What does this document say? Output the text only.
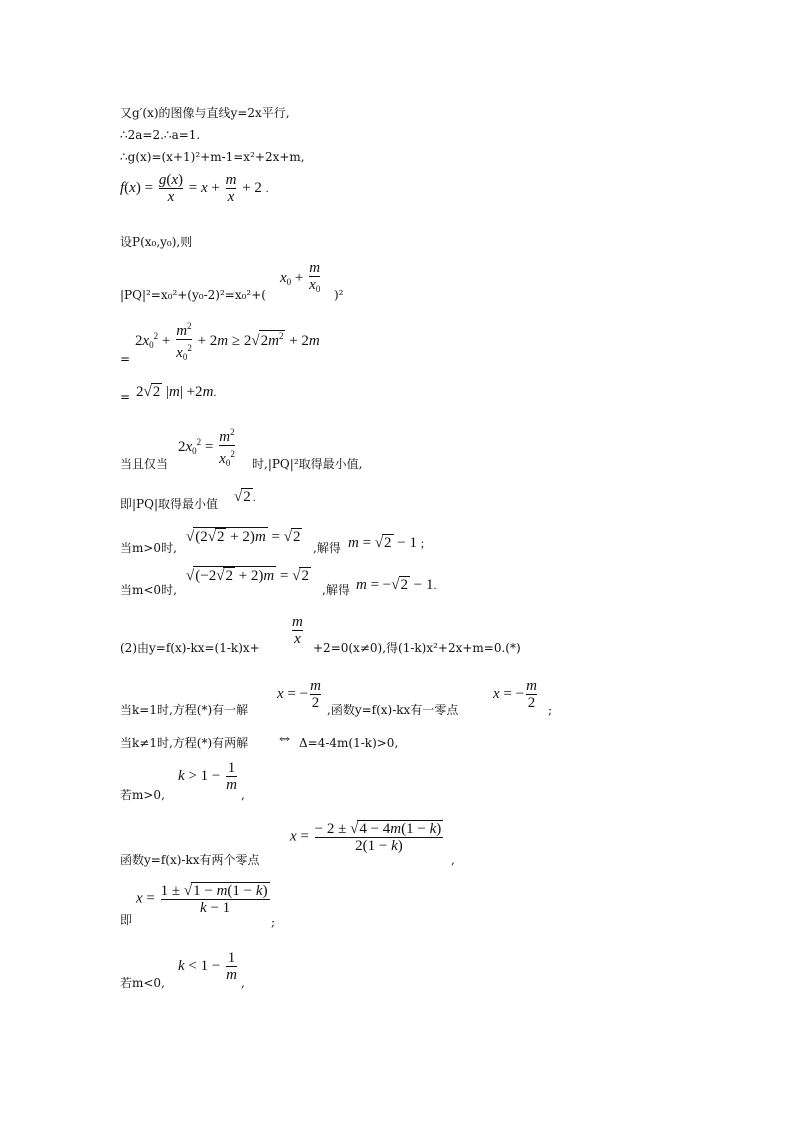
又g′(x)的图像与直线y=2x平行,
∴2a=2.∴a=1.
∴g(x)=(x+1)²+m-1=x²+2x+m,
$f(x) = \frac{g(x)}{x} = x + \frac{m}{x} + 2$ .
设P(x₀,y₀),则
$x_0 + \frac{m}{x_0}$
|PQ|²=x₀²+(y₀-2)²=x₀²+(	)²
$2x_0^2 + \frac{m^2}{x_0^2} + 2m \ge 2√2m^2 + 2m$
=
= 2√2 |m| +2m.
$2x_0^2 = \frac{m^2}{x_0^2}$
当且仅当	时,|PQ|²取得最小值,
即|PQ|取得最小值 √2 .
当m>0时,
√(2√2 + 2)m = √2
,解得 m = √2 − 1 ;
当m<0时,
√(−2√2 + 2)m = √2
,解得 m = −√2 − 1.
$\frac{m}{x}$
(2)由y=f(x)-kx=(1-k)x+	+2=0(x≠0),得(1-k)x²+2x+m=0.(*)
当k=1时,方程(*)有一解
x = − $\frac{m}{2}$ ,函数y=f(x)-kx有一零点
x = − $\frac{m}{2}$ ;
当k≠1时,方程(*)有两解 ⇔ Δ=4-4m(1-k)>0,
$k > 1 - \frac{1}{m}$
若m>0,	,
$x = \frac{- 2 \pm √4 - 4m(1 - k)}{2(1 - k)}$
函数y=f(x)-kx有两个零点	,
$x = \frac{1 \pm √1 - m(1 - k)}{k - 1}$
即	;
$k < 1 - \frac{1}{m}$
若m<0,	,
